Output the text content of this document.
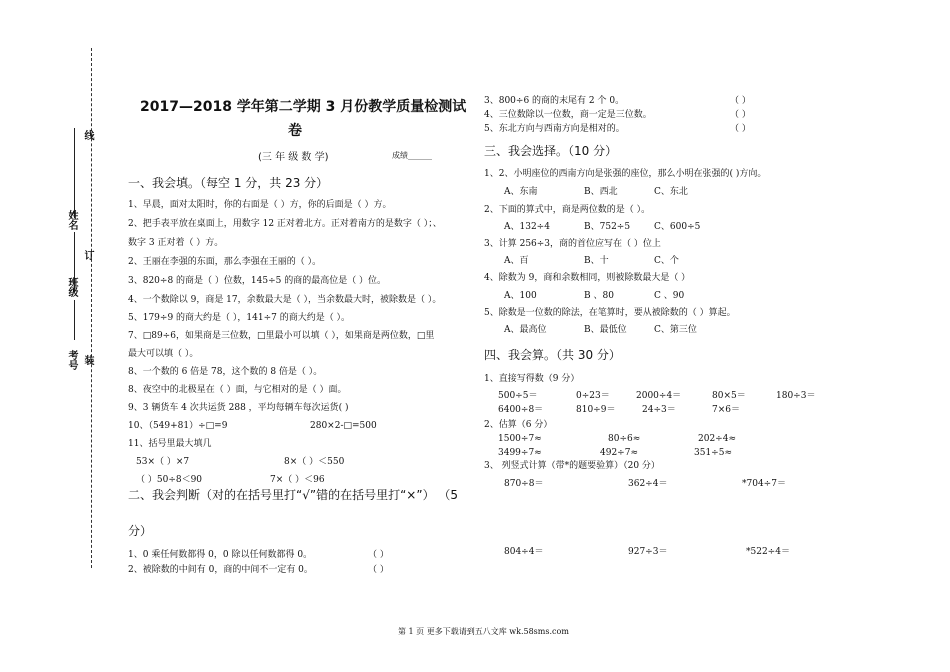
线
姓名
订
班级
考号 装
2017—2018 学年第二学期 3 月份教学质量检测试
卷
(三 年 级 数 学)	成绩______
一、我会填。（每空 1 分，共 23 分）
1、早晨，面对太阳时，你的右面是（ ）方，你的后面是（ ）方。
2、把手表平放在桌面上，用数字 12 正对着北方。正对着南方的是数字（ ）；、
数字 3 正对着（ ）方。
2、王丽在李强的东面，那么李强在王丽的（ ）。
3、820÷8 的商是（ ）位数，145÷5 的商的最高位是（ ）位。
4、一个数除以 9，商是 17，余数最大是（ ），当余数最大时，被除数是（ ）。
5、179÷9 的商大约是（ ），141÷7 的商大约是（ ）。
7、□89÷6，如果商是三位数，□里最小可以填（ ），如果商是两位数，□里
最大可以填（ ）。
8、一个数的 6 倍是 78，这个数的 8 倍是（ ）。
8、夜空中的北极星在（ ）面，与它相对的是（ ）面。
9、3 辆货车 4 次共运货 288 ，平均每辆车每次运货( )
10、（549+81）÷□=9	280×2-□=500
11、括号里最大填几
53×（ ）×7	8×（ ）＜550
（ ）50÷8＜90	7×（ ）＜96
二、我会判断（对的在括号里打“√”错的在括号里打“×”） （5
分）
1、0 乘任何数都得 0，0 除以任何数都得 0。	（ ）
2、被除数的中间有 0，商的中间不一定有 0。	（ ）
3、800÷6 的商的末尾有 2 个 0。	（ ）
4、三位数除以一位数，商一定是三位数。	（ ）
5、东北方向与西南方向是相对的。	（ ）
三、我会选择。（10 分）
1、2、小明座位的西南方向是张强的座位，那么小明在张强的( )方向。
A、东南	B、西北	C、东北
2、下面的算式中，商是两位数的是（ ）。
A、132÷4	B、752÷5	C、600÷5
3、计算 256÷3，商的首位应写在（ ）位上
A、百	B、十	C、个
4、除数为 9，商和余数相同，则被除数最大是（ ）
A、100	B 、80	C 、90
5、除数是一位数的除法，在笔算时，要从被除数的（ ）算起。
A、最高位	B、最低位	C、第三位
四、我会算。（共 30 分）
1、直接写得数（9 分）
500÷5＝	0÷23＝	2000÷4＝	80×5＝	180÷3＝
6400÷8＝	810÷9＝	24÷3＝	7×6＝
2、估算（6 分）
1500÷7≈	80÷6≈	202÷4≈
3499÷7≈	492÷7≈	351÷5≈
3、 列竖式计算（带*的题要验算）（20 分）
870÷8＝	362÷4＝	*704÷7＝
804÷4＝	927÷3＝	*522÷4＝
第 1 页 更多下载请到五八文库 wk.58sms.com
